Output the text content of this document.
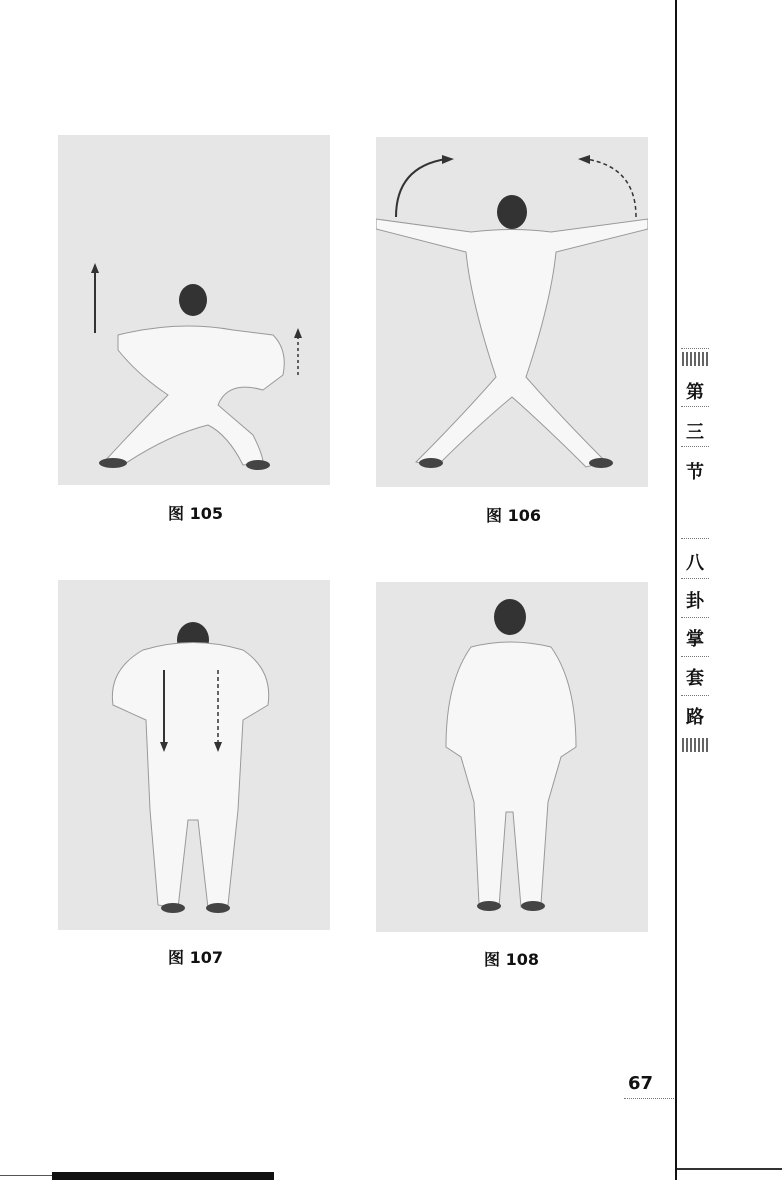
图 105	图 106
图 107	图 108
第
三
节
八
卦
掌
套
路
67
